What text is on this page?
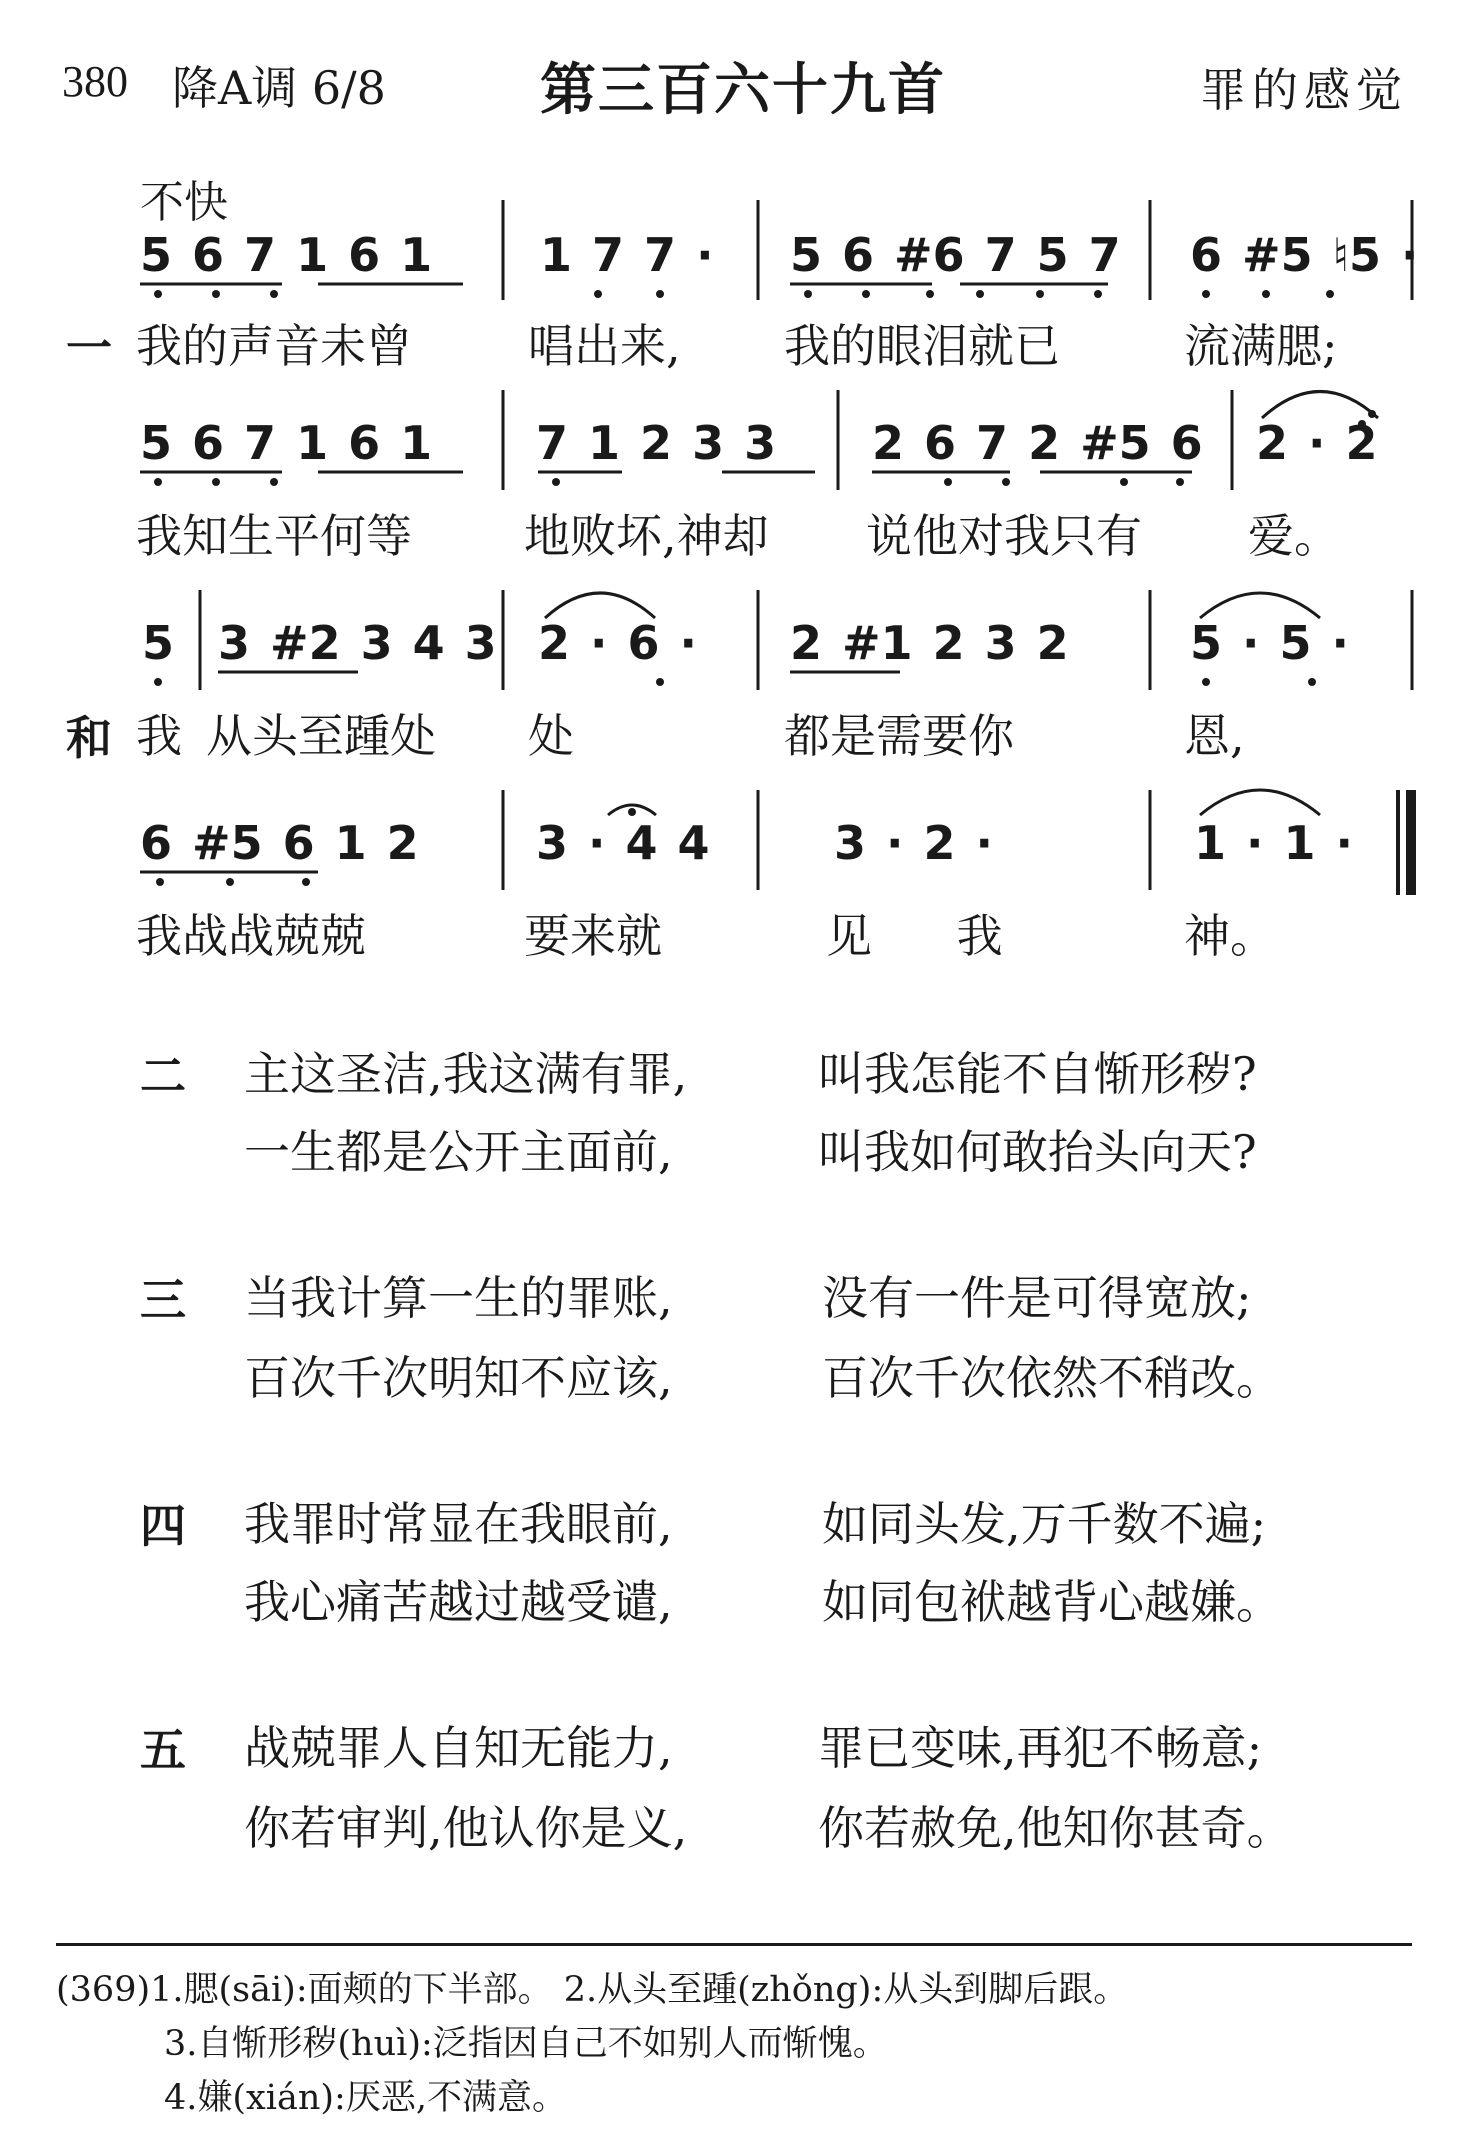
380 降A调 6/8	第三百六十九首	罪的感觉
不快
一
5 6 7 1 6 1 1 7 7 · 5 6 #6 7 5 7 6 #5 ♮5 ·
我的声音未曾	唱出来, 我的眼泪就已	流满腮;
5 6 7 1 6 1 7 1 2 3 3 2 6 7 2 #5 6 2 · 2
我知生平何等 地败坏,神却 说他对我只有 爱。
和
5 3 #2 3 4 3 2 · 6 · 2 #1 2 3 2	5 · 5 ·
我 从头至踵处 处	都是需要你	恩,
6 #5 6 1 2	3 · 4 4	3 · 2 ·	1 · 1 ·
我战战兢兢	要来就	见 我	神。
二 主这圣洁,我这满有罪,	叫我怎能不自惭形秽?
一生都是公开主面前,	叫我如何敢抬头向天?
三 当我计算一生的罪账,	没有一件是可得宽放;
百次千次明知不应该,	百次千次依然不稍改。
四 我罪时常显在我眼前,	如同头发,万千数不遍;
我心痛苦越过越受谴,	如同包袱越背心越嫌。
五 战兢罪人自知无能力,	罪已变味,再犯不畅意;
你若审判,他认你是义,	你若赦免,他知你甚奇。
(369)1.腮(sāi):面颊的下半部。 2.从头至踵(zhǒng):从头到脚后跟。
3.自惭形秽(huì):泛指因自己不如别人而惭愧。
4.嫌(xián):厌恶,不满意。
